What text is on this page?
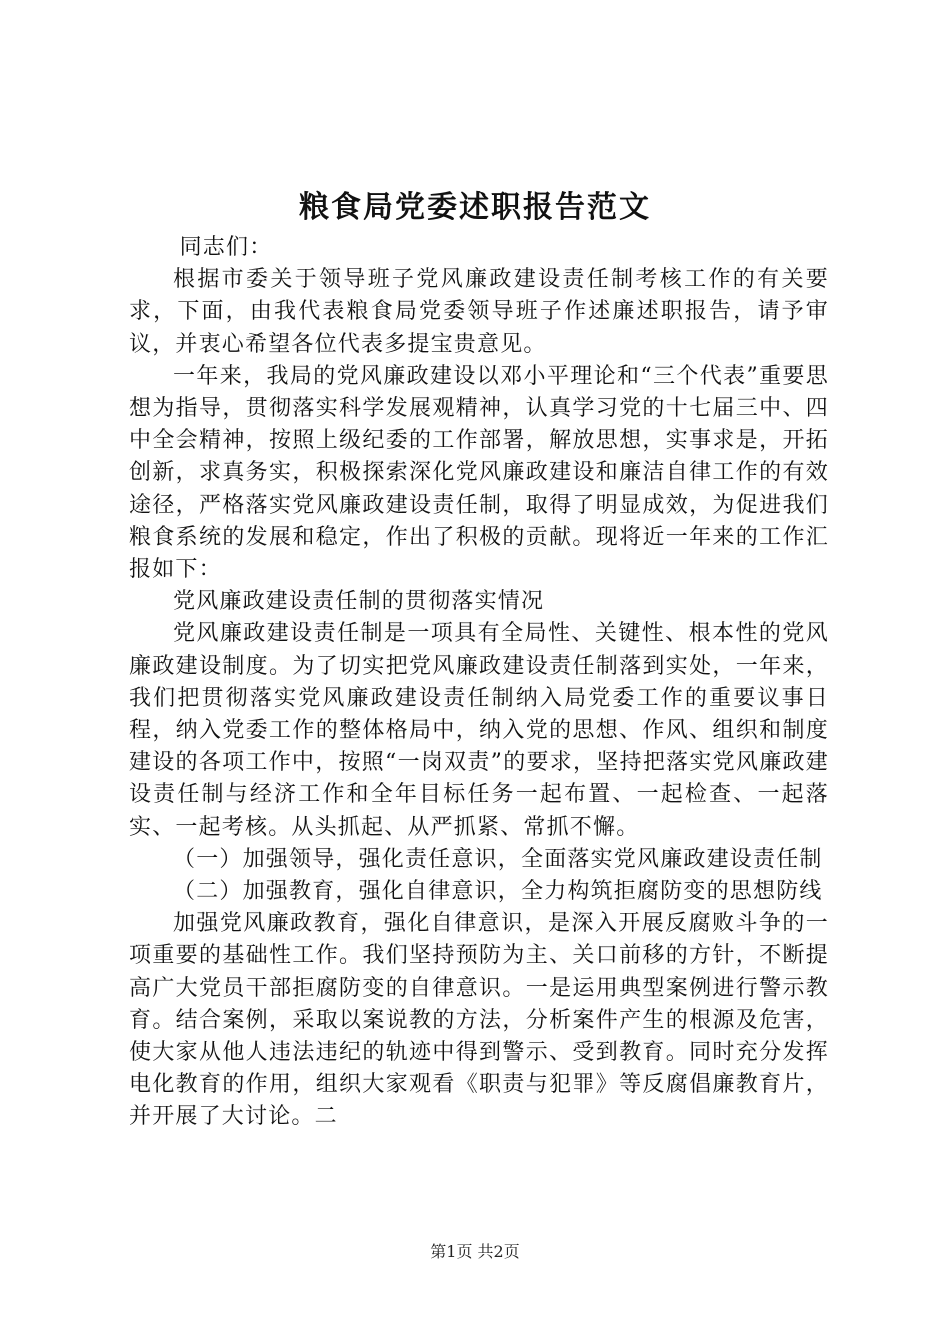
粮食局党委述职报告范文

同志们：

根据市委关于领导班子党风廉政建设责任制考核工作的有关要求，下面，由我代表粮食局党委领导班子作述廉述职报告，请予审议，并衷心希望各位代表多提宝贵意见。

一年来，我局的党风廉政建设以邓小平理论和“三个代表”重要思想为指导，贯彻落实科学发展观精神，认真学习党的十七届三中、四中全会精神，按照上级纪委的工作部署，解放思想，实事求是，开拓创新，求真务实，积极探索深化党风廉政建设和廉洁自律工作的有效途径，严格落实党风廉政建设责任制，取得了明显成效，为促进我们粮食系统的发展和稳定，作出了积极的贡献。现将近一年来的工作汇报如下：

党风廉政建设责任制的贯彻落实情况

党风廉政建设责任制是一项具有全局性、关键性、根本性的党风廉政建设制度。为了切实把党风廉政建设责任制落到实处，一年来，我们把贯彻落实党风廉政建设责任制纳入局党委工作的重要议事日程，纳入党委工作的整体格局中，纳入党的思想、作风、组织和制度建设的各项工作中，按照“一岗双责”的要求，坚持把落实党风廉政建设责任制与经济工作和全年目标任务一起布置、一起检查、一起落实、一起考核。从头抓起、从严抓紧、常抓不懈。

（一）加强领导，强化责任意识，全面落实党风廉政建设责任制

（二）加强教育，强化自律意识，全力构筑拒腐防变的思想防线

加强党风廉政教育，强化自律意识，是深入开展反腐败斗争的一项重要的基础性工作。我们坚持预防为主、关口前移的方针，不断提高广大党员干部拒腐防变的自律意识。一是运用典型案例进行警示教育。结合案例，采取以案说教的方法，分析案件产生的根源及危害，使大家从他人违法违纪的轨迹中得到警示、受到教育。同时充分发挥电化教育的作用，组织大家观看《职责与犯罪》等反腐倡廉教育片，并开展了大讨论。二

第1页 共2页
